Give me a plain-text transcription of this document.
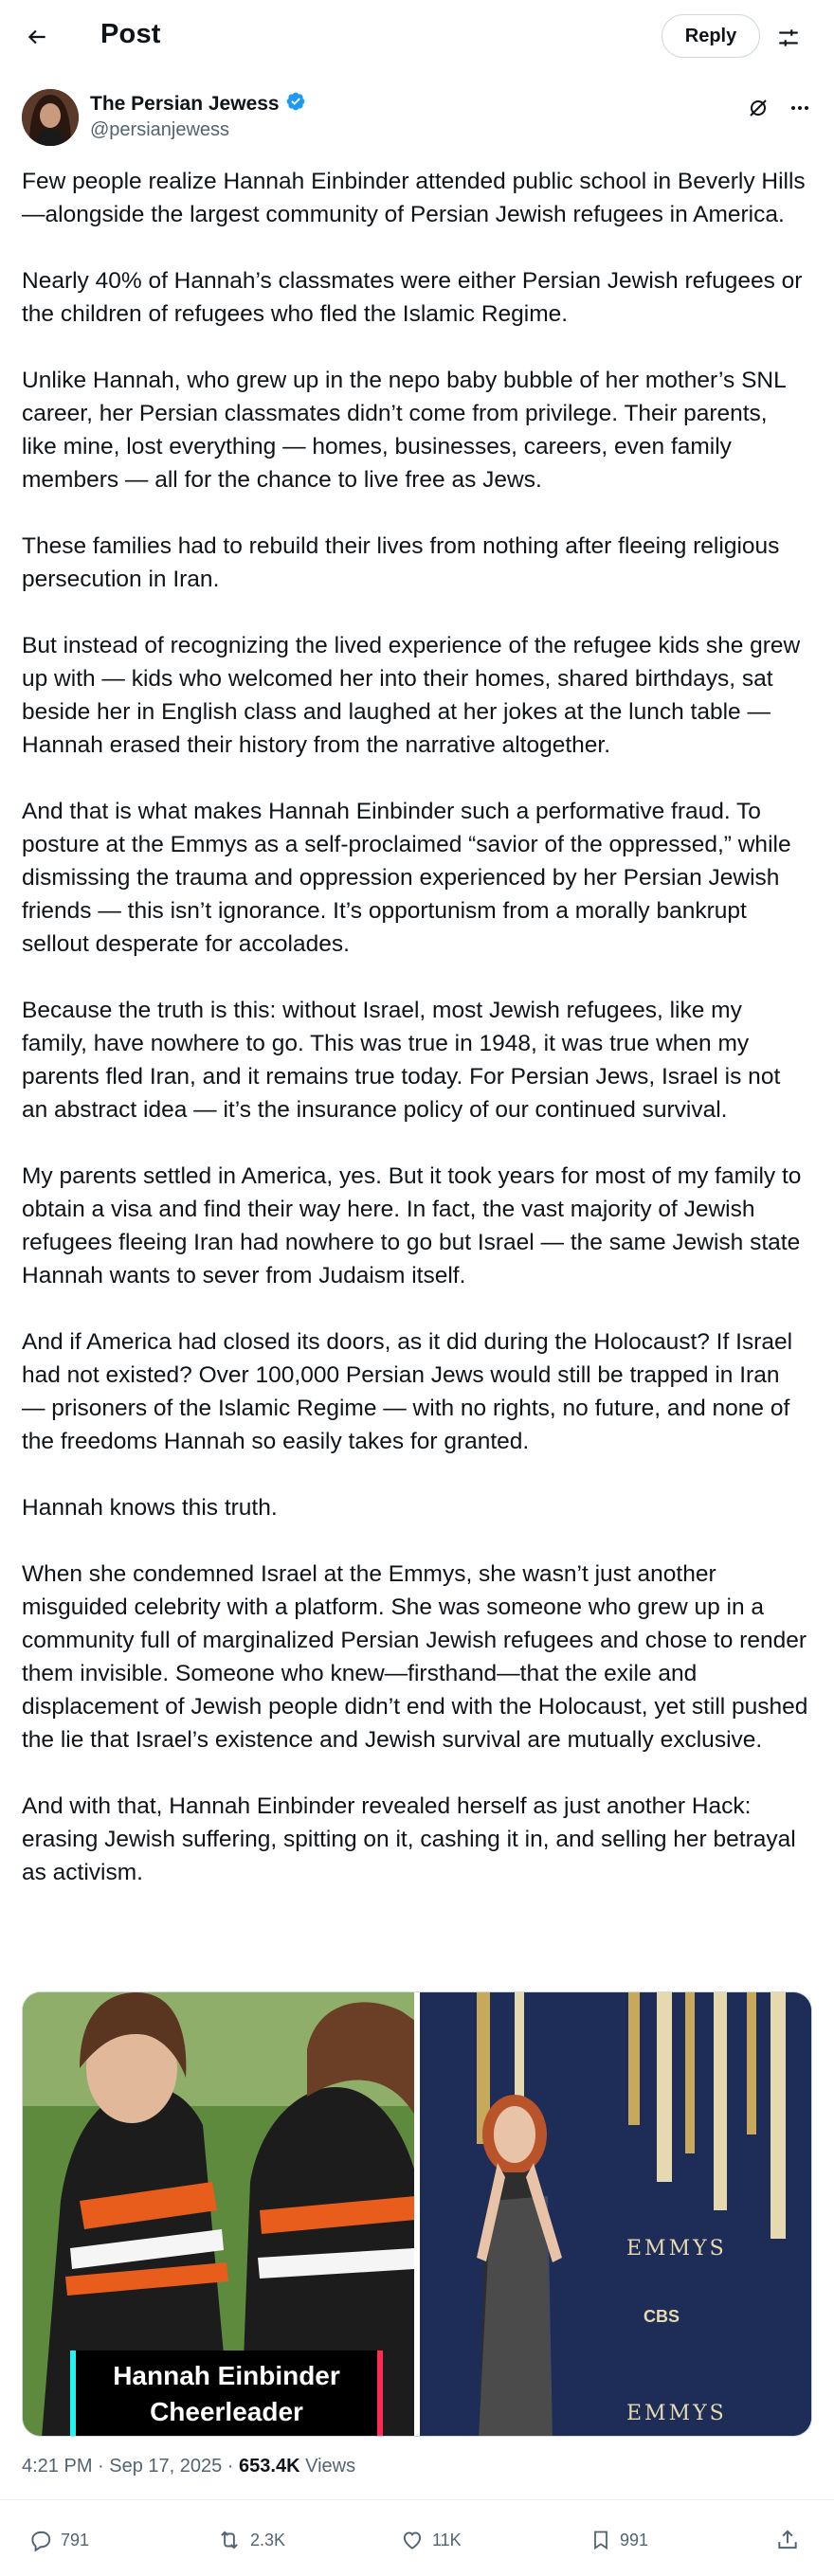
Post	Reply
The Persian Jewess
@persianjewess

Few people realize Hannah Einbinder attended public school in Beverly Hills—alongside the largest community of Persian Jewish refugees in America.

Nearly 40% of Hannah’s classmates were either Persian Jewish refugees or the children of refugees who fled the Islamic Regime.

Unlike Hannah, who grew up in the nepo baby bubble of her mother’s SNL career, her Persian classmates didn’t come from privilege. Their parents, like mine, lost everything — homes, businesses, careers, even family members — all for the chance to live free as Jews.

These families had to rebuild their lives from nothing after fleeing religious persecution in Iran.

But instead of recognizing the lived experience of the refugee kids she grew up with — kids who welcomed her into their homes, shared birthdays, sat beside her in English class and laughed at her jokes at the lunch table — Hannah erased their history from the narrative altogether.

And that is what makes Hannah Einbinder such a performative fraud. To posture at the Emmys as a self-proclaimed “savior of the oppressed,” while dismissing the trauma and oppression experienced by her Persian Jewish friends — this isn’t ignorance. It’s opportunism from a morally bankrupt sellout desperate for accolades.

Because the truth is this: without Israel, most Jewish refugees, like my family, have nowhere to go. This was true in 1948, it was true when my parents fled Iran, and it remains true today. For Persian Jews, Israel is not an abstract idea — it’s the insurance policy of our continued survival.

My parents settled in America, yes. But it took years for most of my family to obtain a visa and find their way here. In fact, the vast majority of Jewish refugees fleeing Iran had nowhere to go but Israel — the same Jewish state Hannah wants to sever from Judaism itself.

And if America had closed its doors, as it did during the Holocaust? If Israel had not existed? Over 100,000 Persian Jews would still be trapped in Iran — prisoners of the Islamic Regime — with no rights, no future, and none of the freedoms Hannah so easily takes for granted.

Hannah knows this truth.

When she condemned Israel at the Emmys, she wasn’t just another misguided celebrity with a platform. She was someone who grew up in a community full of marginalized Persian Jewish refugees and chose to render them invisible. Someone who knew—firsthand—that the exile and displacement of Jewish people didn’t end with the Holocaust, yet still pushed the lie that Israel’s existence and Jewish survival are mutually exclusive.

And with that, Hannah Einbinder revealed herself as just another Hack: erasing Jewish suffering, spitting on it, cashing it in, and selling her betrayal as activism.

Hannah Einbinder
Cheerleader
EMMYS
CBS
EMMYS
4:21 PM · Sep 17, 2025 · 653.4K Views
791	2.3K	11K	991
